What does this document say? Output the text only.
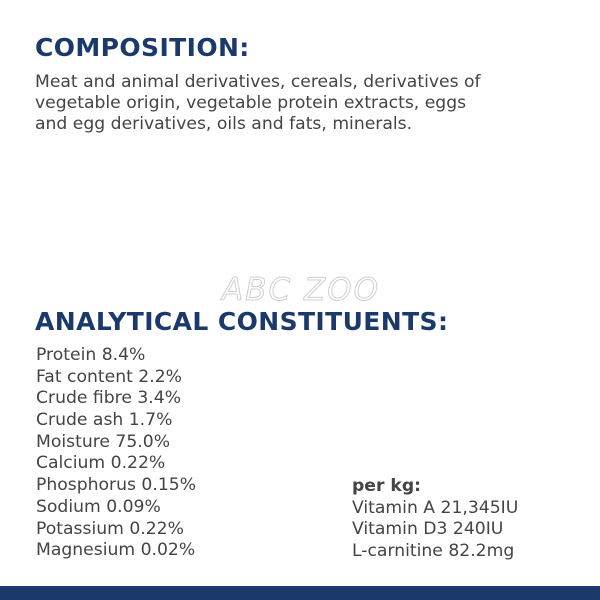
COMPOSITION:

Meat and animal derivatives, cereals, derivatives of
vegetable origin, vegetable protein extracts, eggs
and egg derivatives, oils and fats, minerals.

ABC ZOO
ANALYTICAL CONSTITUENTS:
Protein 8.4%
Fat content 2.2%
Crude fibre 3.4%
Crude ash 1.7%
Moisture 75.0%
Calcium 0.22%
Phosphorus 0.15%
Sodium 0.09%
Potassium 0.22%
Magnesium 0.02%
per kg:
Vitamin A 21,345IU
Vitamin D3 240IU
L-carnitine 82.2mg
